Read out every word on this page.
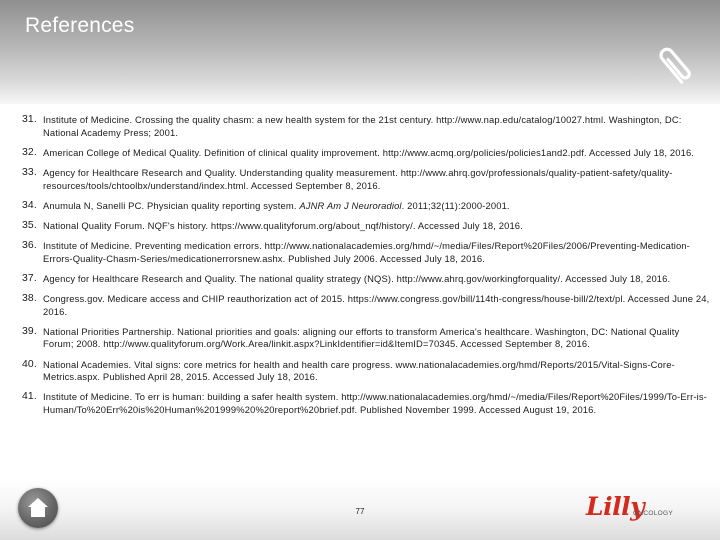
References
31. Institute of Medicine. Crossing the quality chasm: a new health system for the 21st century. http://www.nap.edu/catalog/10027.html. Washington, DC: National Academy Press; 2001.
32. American College of Medical Quality. Definition of clinical quality improvement. http://www.acmq.org/policies/policies1and2.pdf. Accessed July 18, 2016.
33. Agency for Healthcare Research and Quality. Understanding quality measurement. http://www.ahrq.gov/professionals/quality-patient-safety/quality-resources/tools/chtoolbx/understand/index.html. Accessed September 8, 2016.
34. Anumula N, Sanelli PC. Physician quality reporting system. AJNR Am J Neuroradiol. 2011;32(11):2000-2001.
35. National Quality Forum. NQF's history. https://www.qualityforum.org/about_nqf/history/. Accessed July 18, 2016.
36. Institute of Medicine. Preventing medication errors. http://www.nationalacademies.org/hmd/~/media/Files/Report%20Files/2006/Preventing-Medication-Errors-Quality-Chasm-Series/medicationerrorsnew.ashx. Published July 2006. Accessed July 18, 2016.
37. Agency for Healthcare Research and Quality. The national quality strategy (NQS). http://www.ahrq.gov/workingforquality/. Accessed July 18, 2016.
38. Congress.gov. Medicare access and CHIP reauthorization act of 2015. https://www.congress.gov/bill/114th-congress/house-bill/2/text/pl. Accessed June 24, 2016.
39. National Priorities Partnership. National priorities and goals: aligning our efforts to transform America's healthcare. Washington, DC: National Quality Forum; 2008. http://www.qualityforum.org/Work.Area/linkit.aspx?LinkIdentifier=id&ItemID=70345. Accessed September 8, 2016.
40. National Academies. Vital signs: core metrics for health and health care progress. www.nationalacademies.org/hmd/Reports/2015/Vital-Signs-Core-Metrics.aspx. Published April 28, 2015. Accessed July 18, 2016.
41. Institute of Medicine. To err is human: building a safer health system. http://www.nationalacademies.org/hmd/~/media/Files/Report%20Files/1999/To-Err-is-Human/To%20Err%20is%20Human%201999%20%20report%20brief.pdf. Published November 1999. Accessed August 19, 2016.
77	Lilly
ONCOLOGY
